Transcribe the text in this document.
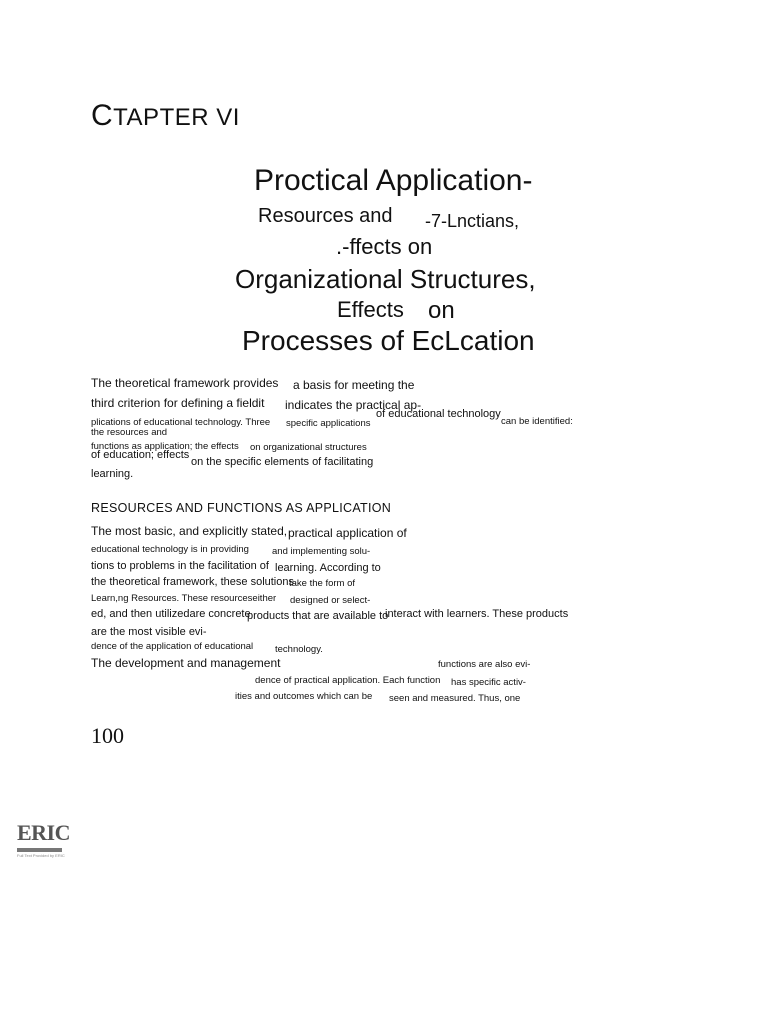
CTAPTER VI
Proctical Application-
Resources and -7-Lnctians,
.-ffects on
Organizational Structures,
Effects on
Processes of EcLcation
The theoretical framework provides a basis for meeting the
third criterion for defining a fieldit indicates the practical ap-
plications of educational technology. Three specific applications
of educational technology
can be identified:
the resources and
functions as application; the effects on organizational structures
of education; effects
on the specific elements of facilitating
learning.
RESOURCES AND FUNCTIONS AS APPLICATION
The most basic, and explicitly stated, practical application of
educational technology is in providing and implementing solu-
tions to problems in the facilitation of learning. According to
the theoretical framework, these solutions
take the form of
Learn,ng Resources. These resourceseither designed or select-
ed, and then utilizedare concrete
products that are available to
interact with learners. These products
are the most visible evi-
dence of the application of educational technology.
The development and management	functions are also evi-
dence of practical application. Each function has specific activ-
ities and outcomes which can be seen and measured. Thus, one
100
ERIC
Full Text Provided by ERIC
